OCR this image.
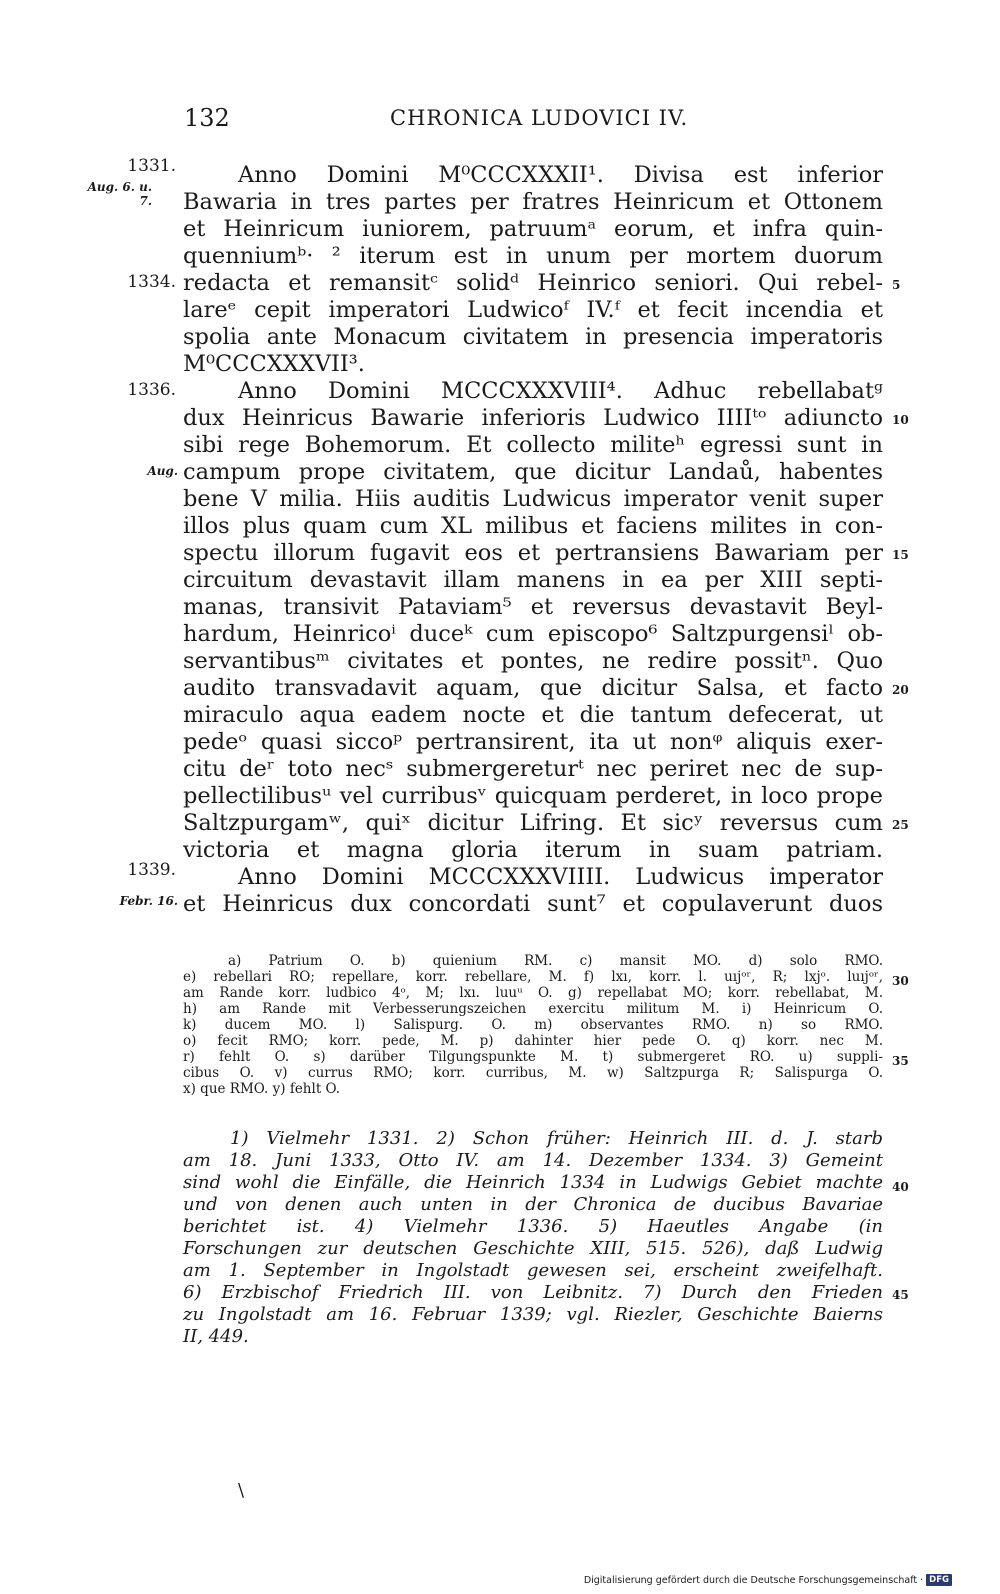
132	CHRONICA LUDOVICI IV.
1331.
1334.
1336.
1339.
Aug. 6. u. 7.
Aug.
Febr. 16.
Anno Domini M⁰CCCXXXII¹. Divisa est inferior
Bawaria in tres partes per fratres Heinricum et Ottonem
et Heinricum iuniorem, patruumᵃ eorum, et infra quin-
quenniumᵇ· ² iterum est in unum per mortem duorum
redacta et remansitᶜ solidᵈ Heinrico seniori. Qui rebel-
lareᵉ cepit imperatori Ludwicoᶠ IV.ᶠ et fecit incendia et
spolia ante Monacum civitatem in presencia imperatoris
M⁰CCCXXXVII³.
Anno Domini MCCCXXXVIII⁴. Adhuc rebellabatᵍ
dux Heinricus Bawarie inferioris Ludwico IIIIᵗᵒ adiuncto
sibi rege Bohemorum. Et collecto militeʰ egressi sunt in
campum prope civitatem, que dicitur Landaů, habentes
bene V milia. Hiis auditis Ludwicus imperator venit super
illos plus quam cum XL milibus et faciens milites in con-
spectu illorum fugavit eos et pertransiens Bawariam per
circuitum devastavit illam manens in ea per XIII septi-
manas, transivit Pataviam⁵ et reversus devastavit Beyl-
hardum, Heinricoⁱ duceᵏ cum episcopo⁶ Saltzpurgensiˡ ob-
servantibusᵐ civitates et pontes, ne redire possitⁿ. Quo
audito transvadavit aquam, que dicitur Salsa, et facto
miraculo aqua eadem nocte et die tantum defecerat, ut
pedeᵒ quasi siccoᵖ pertransirent, ita ut nonᵠ aliquis exer-
citu deʳ toto necˢ submergereturᵗ nec periret nec de sup-
pellectilibusᵘ vel curribusᵛ quicquam perderet, in loco prope
Saltzpurgamʷ, quiˣ dicitur Lifring. Et sicʸ reversus cum
victoria et magna gloria iterum in suam patriam.
Anno Domini MCCCXXXVIIII. Ludwicus imperator
et Heinricus dux concordati sunt⁷ et copulaverunt duos
5
10
15
20
25
30
35
40
45
a) Patrium O. b) quienium RM. c) mansit MO. d) solo RMO.
e) rebellari RO; repellare, korr. rebellare, M. f) lxı, korr. l. uıjᵒʳ, R; lxjᵒ. luıjᵒʳ,
am Rande korr. ludbico 4ᵒ, M; lxı. luuᵘ O. g) repellabat MO; korr. rebellabat, M.
h) am Rande mit Verbesserungszeichen exercitu militum M. i) Heinricum O.
k) ducem MO. l) Salispurg. O. m) observantes RMO. n) so RMO.
o) fecit RMO; korr. pede, M. p) dahinter hier pede O. q) korr. nec M.
r) fehlt O. s) darüber Tilgungspunkte M. t) submergeret RO. u) suppli-
cibus O. v) currus RMO; korr. curribus, M. w) Saltzpurga R; Salispurga O.
x) que RMO. y) fehlt O.
1) Vielmehr 1331. 2) Schon früher: Heinrich III. d. J. starb
am 18. Juni 1333, Otto IV. am 14. Dezember 1334. 3) Gemeint
sind wohl die Einfälle, die Heinrich 1334 in Ludwigs Gebiet machte
und von denen auch unten in der Chronica de ducibus Bavariae
berichtet ist. 4) Vielmehr 1336. 5) Haeutles Angabe (in
Forschungen zur deutschen Geschichte XIII, 515. 526), daß Ludwig
am 1. September in Ingolstadt gewesen sei, erscheint zweifelhaft.
6) Erzbischof Friedrich III. von Leibnitz. 7) Durch den Frieden
zu Ingolstadt am 16. Februar 1339; vgl. Riezler, Geschichte Baierns
II, 449.
\
Digitalisierung gefördert durch die Deutsche Forschungsgemeinschaft · DFG
